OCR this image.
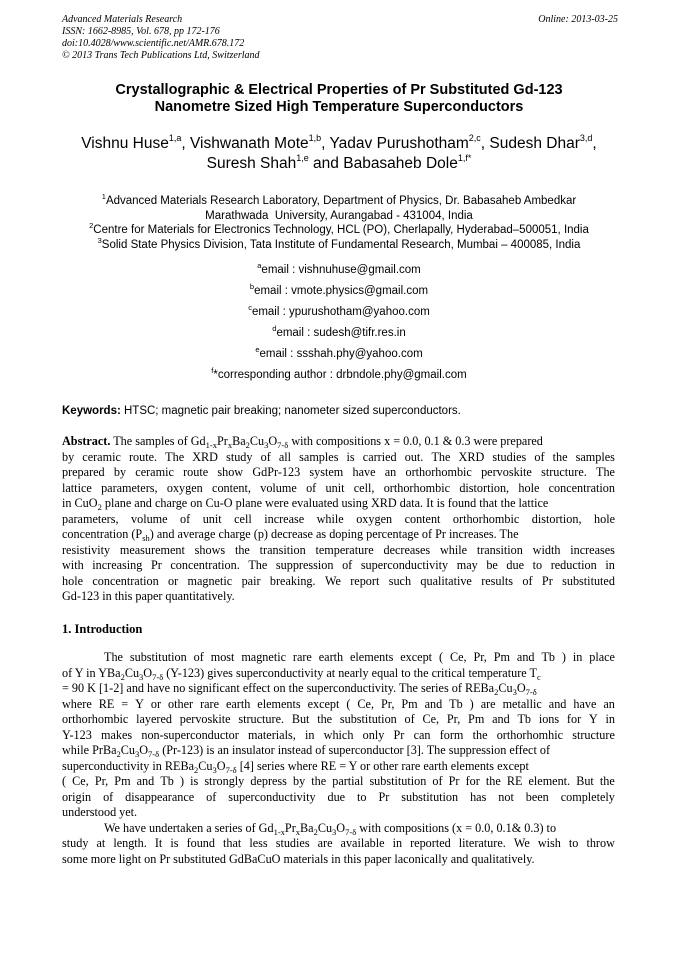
Advanced Materials Research
ISSN: 1662-8985, Vol. 678, pp 172-176
doi:10.4028/www.scientific.net/AMR.678.172
© 2013 Trans Tech Publications Ltd, Switzerland
Online: 2013-03-25
Crystallographic & Electrical Properties of Pr Substituted Gd-123
Nanometre Sized High Temperature Superconductors
Vishnu Huse$^{1,a}$, Vishwanath Mote$^{1,b}$, Yadav Purushotham$^{2,c}$, Sudesh Dhar$^{3,d}$,
Suresh Shah$^{1,e}$ and Babasaheb Dole$^{1,f*}$
$^1$Advanced Materials Research Laboratory, Department of Physics, Dr. Babasaheb Ambedkar
Marathwada  University, Aurangabad - 431004, India
$^2$Centre for Materials for Electronics Technology, HCL (PO), Cherlapally, Hyderabad–500051, India
$^3$Solid State Physics Division, Tata Institute of Fundamental Research, Mumbai – 400085, India
$^a$email : vishnuhuse@gmail.com
$^b$email : vmote.physics@gmail.com
$^c$email : ypurushotham@yahoo.com
$^d$email : sudesh@tifr.res.in
$^e$email : ssshah.phy@yahoo.com
$^f$*corresponding author : drbndole.phy@gmail.com
Keywords: HTSC; magnetic pair breaking; nanometer sized superconductors.
Abstract. The samples of $Gd_{1-x}Pr_xBa_2Cu_3O_{7-\delta}$ with compositions x = 0.0, 0.1 & 0.3 were prepared
by ceramic route. The XRD study of all samples is carried out. The XRD studies of the samples
prepared by ceramic route show GdPr-123 system have an orthorhombic pervoskite structure. The
lattice parameters, oxygen content, volume of unit cell, orthorhombic distortion, hole concentration
in CuO$_2$ plane and charge on Cu-O plane were evaluated using XRD data. It is found that the lattice
parameters, volume of unit cell increase while oxygen content orthorhombic distortion, hole
concentration $(P_{sh})$ and average charge (p) decrease as doping percentage of Pr increases. The
resistivity measurement shows the transition temperature decreases while transition width increases
with increasing Pr concentration. The suppression of superconductivity may be due to reduction in
hole concentration or magnetic pair breaking. We report such qualitative results of Pr substituted
Gd-123 in this paper quantitatively.
1. Introduction
The substitution of most magnetic rare earth elements except ( Ce, Pr, Pm and Tb ) in place
of Y in $YBa_2Cu_3O_{7-\delta}$ (Y-123) gives superconductivity at nearly equal to the critical temperature $T_c$
= 90 K [1-2] and have no significant effect on the superconductivity. The series of $REBa_2Cu_3O_{7-\delta}$
where RE = Y or other rare earth elements except ( Ce, Pr, Pm and Tb ) are metallic and have an
orthorhombic layered pervoskite structure. But the substitution of Ce, Pr, Pm and Tb ions for Y in
Y-123 makes non-superconductor materials, in which only Pr can form the orthorhomhic structure
while $PrBa_2Cu_3O_{7-\delta}$ (Pr-123) is an insulator instead of superconductor [3]. The suppression effect of
superconductivity in $REBa_2Cu_3O_{7-\delta}$ [4] series where RE = Y or other rare earth elements except
( Ce, Pr, Pm and Tb ) is strongly depress by the partial substitution of Pr for the RE element. But the
origin of disappearance of superconductivity due to Pr substitution has not been completely
understood yet.
We have undertaken a series of $Gd_{1-x}Pr_xBa_2Cu_3O_{7-\delta}$ with compositions (x = 0.0, 0.1& 0.3) to
study at length. It is found that less studies are available in reported literature. We wish to throw
some more light on Pr substituted GdBaCuO materials in this paper laconically and qualitatively.
